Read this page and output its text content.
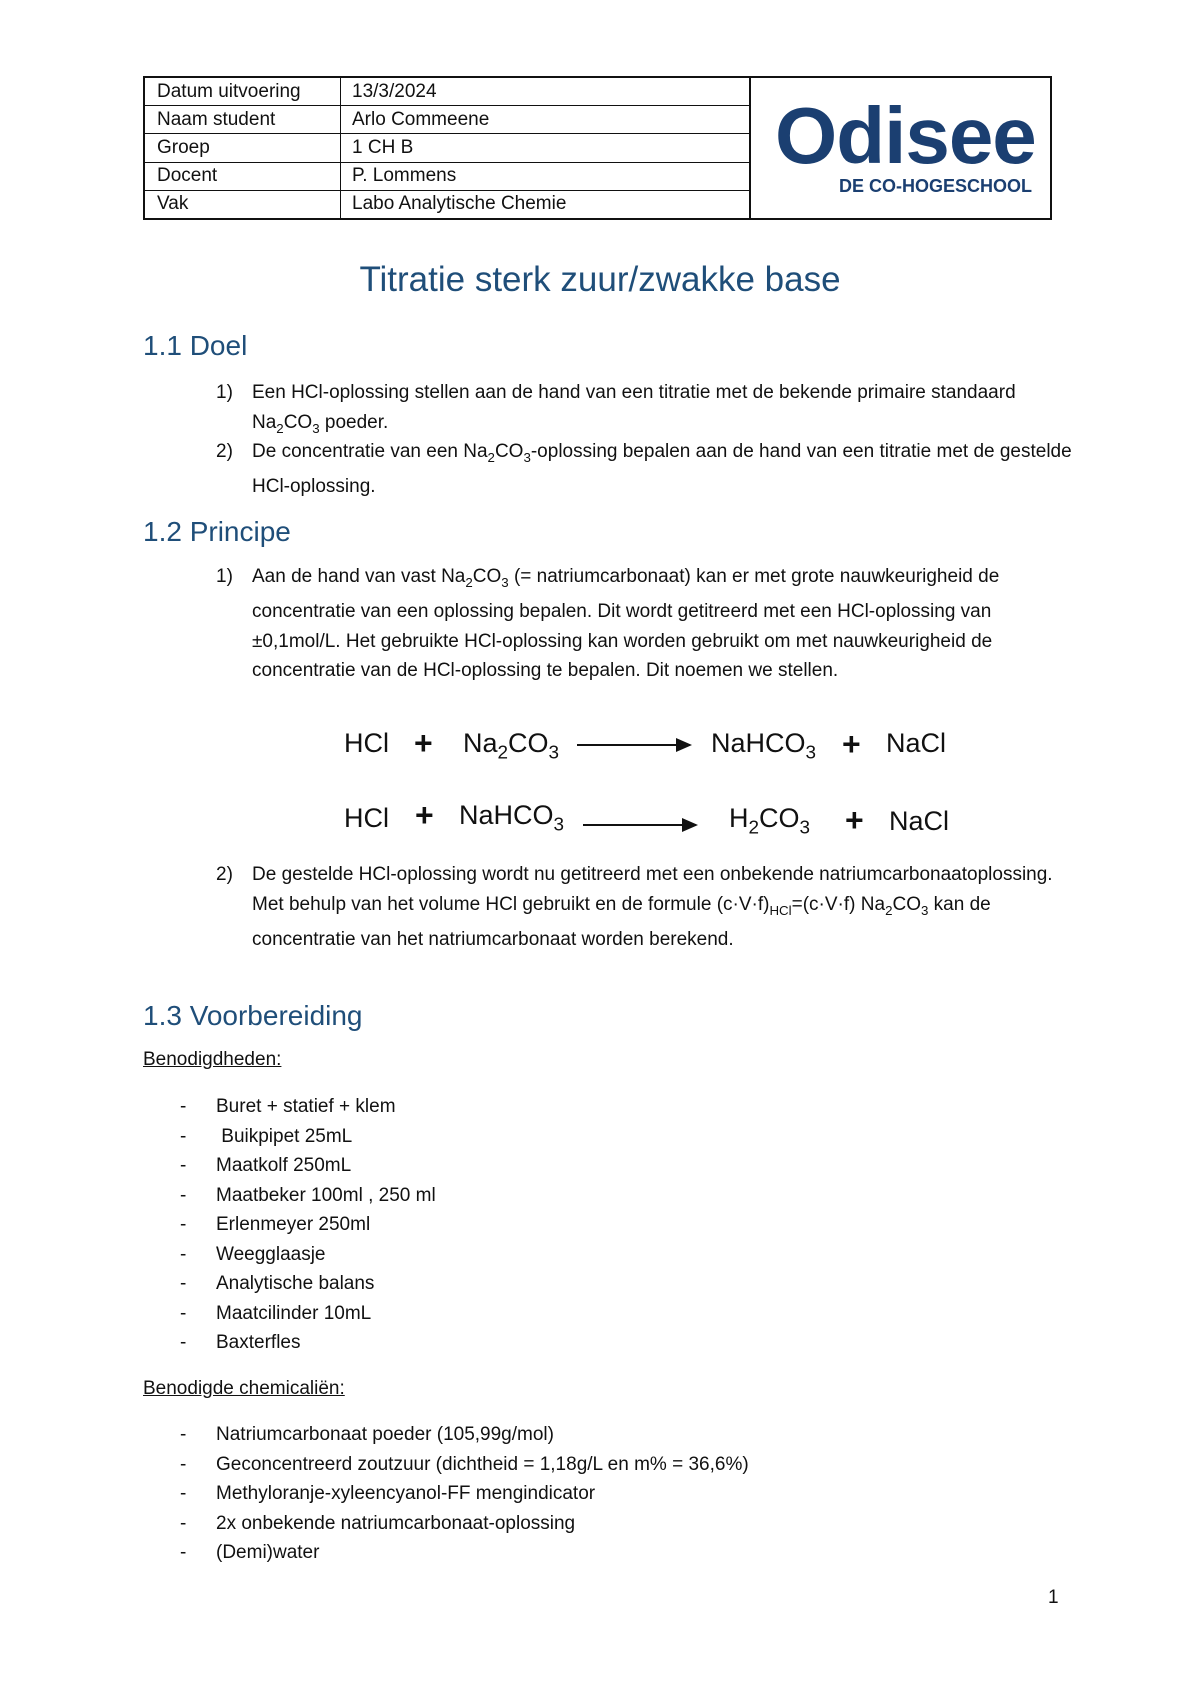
Datum uitvoering	13/3/2024
Naam student	Arlo Commeene
Groep	1 CH B
Docent	P. Lommens
Vak	Labo Analytische Chemie
Odisee
DE CO-HOGESCHOOL
Titratie sterk zuur/zwakke base
1.1 Doel
1) Een HCl-oplossing stellen aan de hand van een titratie met de bekende primaire standaard $Na_2CO_3$ poeder.
2) De concentratie van een $Na_2CO_3$-oplossing bepalen aan de hand van een titratie met de gestelde HCl-oplossing.
1.2 Principe
1) Aan de hand van vast $Na_2CO_3$ (= natriumcarbonaat) kan er met grote nauwkeurigheid de concentratie van een oplossing bepalen. Dit wordt getitreerd met een HCl-oplossing van ±0,1mol/L. Het gebruikte HCl-oplossing kan worden gebruikt om met nauwkeurigheid de concentratie van de HCl-oplossing te bepalen. Dit noemen we stellen.
HCl + $Na_2CO_3$	NaHCO$_3$ + NaCl
HCl + NaHCO$_3$	$H_2CO_3$ + NaCl
2) De gestelde HCl-oplossing wordt nu getitreerd met een onbekende natriumcarbonaatoplossing. Met behulp van het volume HCl gebruikt en de formule $(c\cdot V\cdot f)_{HCl}=(c\cdot V\cdot f)$ $Na_2CO_3$ kan de concentratie van het natriumcarbonaat worden berekend.
1.3 Voorbereiding
Benodigdheden:
- Buret + statief + klem
-  Buikpipet 25mL
- Maatkolf 250mL
- Maatbeker 100ml , 250 ml
- Erlenmeyer 250ml
- Weegglaasje
- Analytische balans
- Maatcilinder 10mL
- Baxterfles
Benodigde chemicaliën:
- Natriumcarbonaat poeder (105,99g/mol)
- Geconcentreerd zoutzuur (dichtheid = 1,18g/L en m% = 36,6%)
- Methyloranje-xyleencyanol-FF mengindicator
- 2x onbekende natriumcarbonaat-oplossing
- (Demi)water
1
